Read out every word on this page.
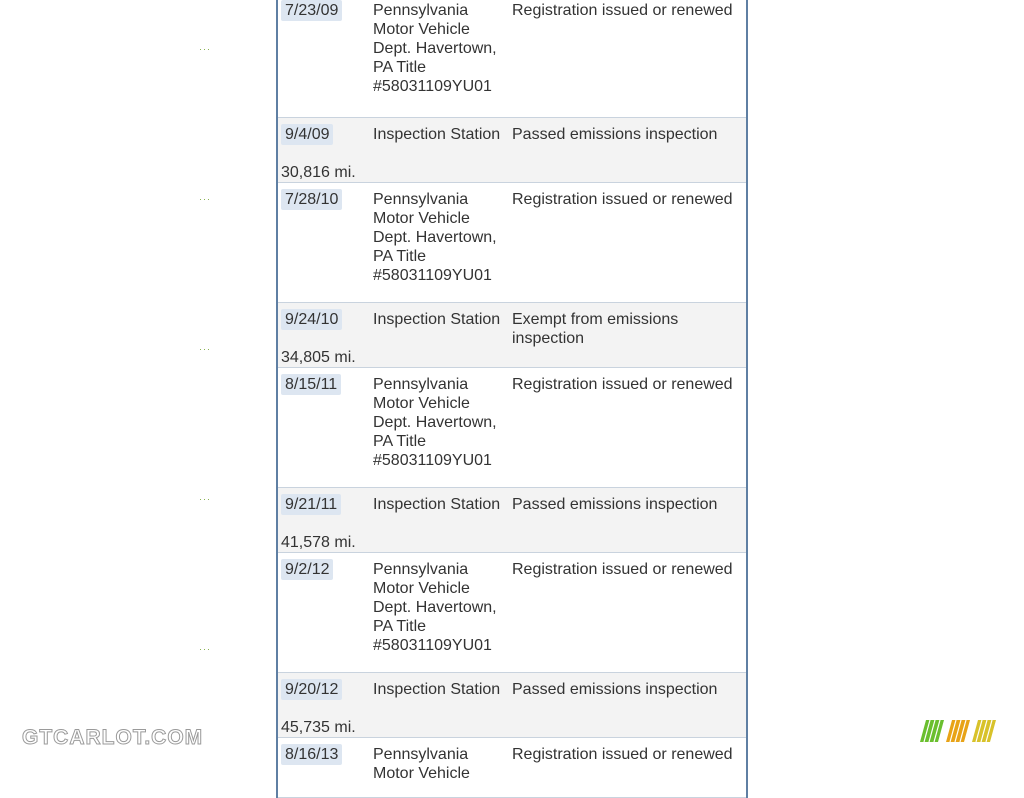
···
···
···
···
···
7/23/09 Pennsylvania Motor Vehicle Dept. Havertown, PA Title #58031109YU01
Registration issued or renewed
9/4/09	Inspection Station Passed emissions inspection
30,816 mi.
7/28/10 Pennsylvania Motor Vehicle Dept. Havertown, PA Title #58031109YU01
Registration issued or renewed
9/24/10 Inspection Station Exempt from emissions inspection
34,805 mi.
8/15/11 Pennsylvania Motor Vehicle Dept. Havertown, PA Title #58031109YU01
Registration issued or renewed
9/21/11 Inspection Station Passed emissions inspection
41,578 mi.
9/2/12	Pennsylvania Motor Vehicle Dept. Havertown, PA Title #58031109YU01
Registration issued or renewed
9/20/12 Inspection Station Passed emissions inspection
45,735 mi.
8/16/13 Pennsylvania Motor Vehicle
Registration issued or renewed
GTCARLOT.COM
